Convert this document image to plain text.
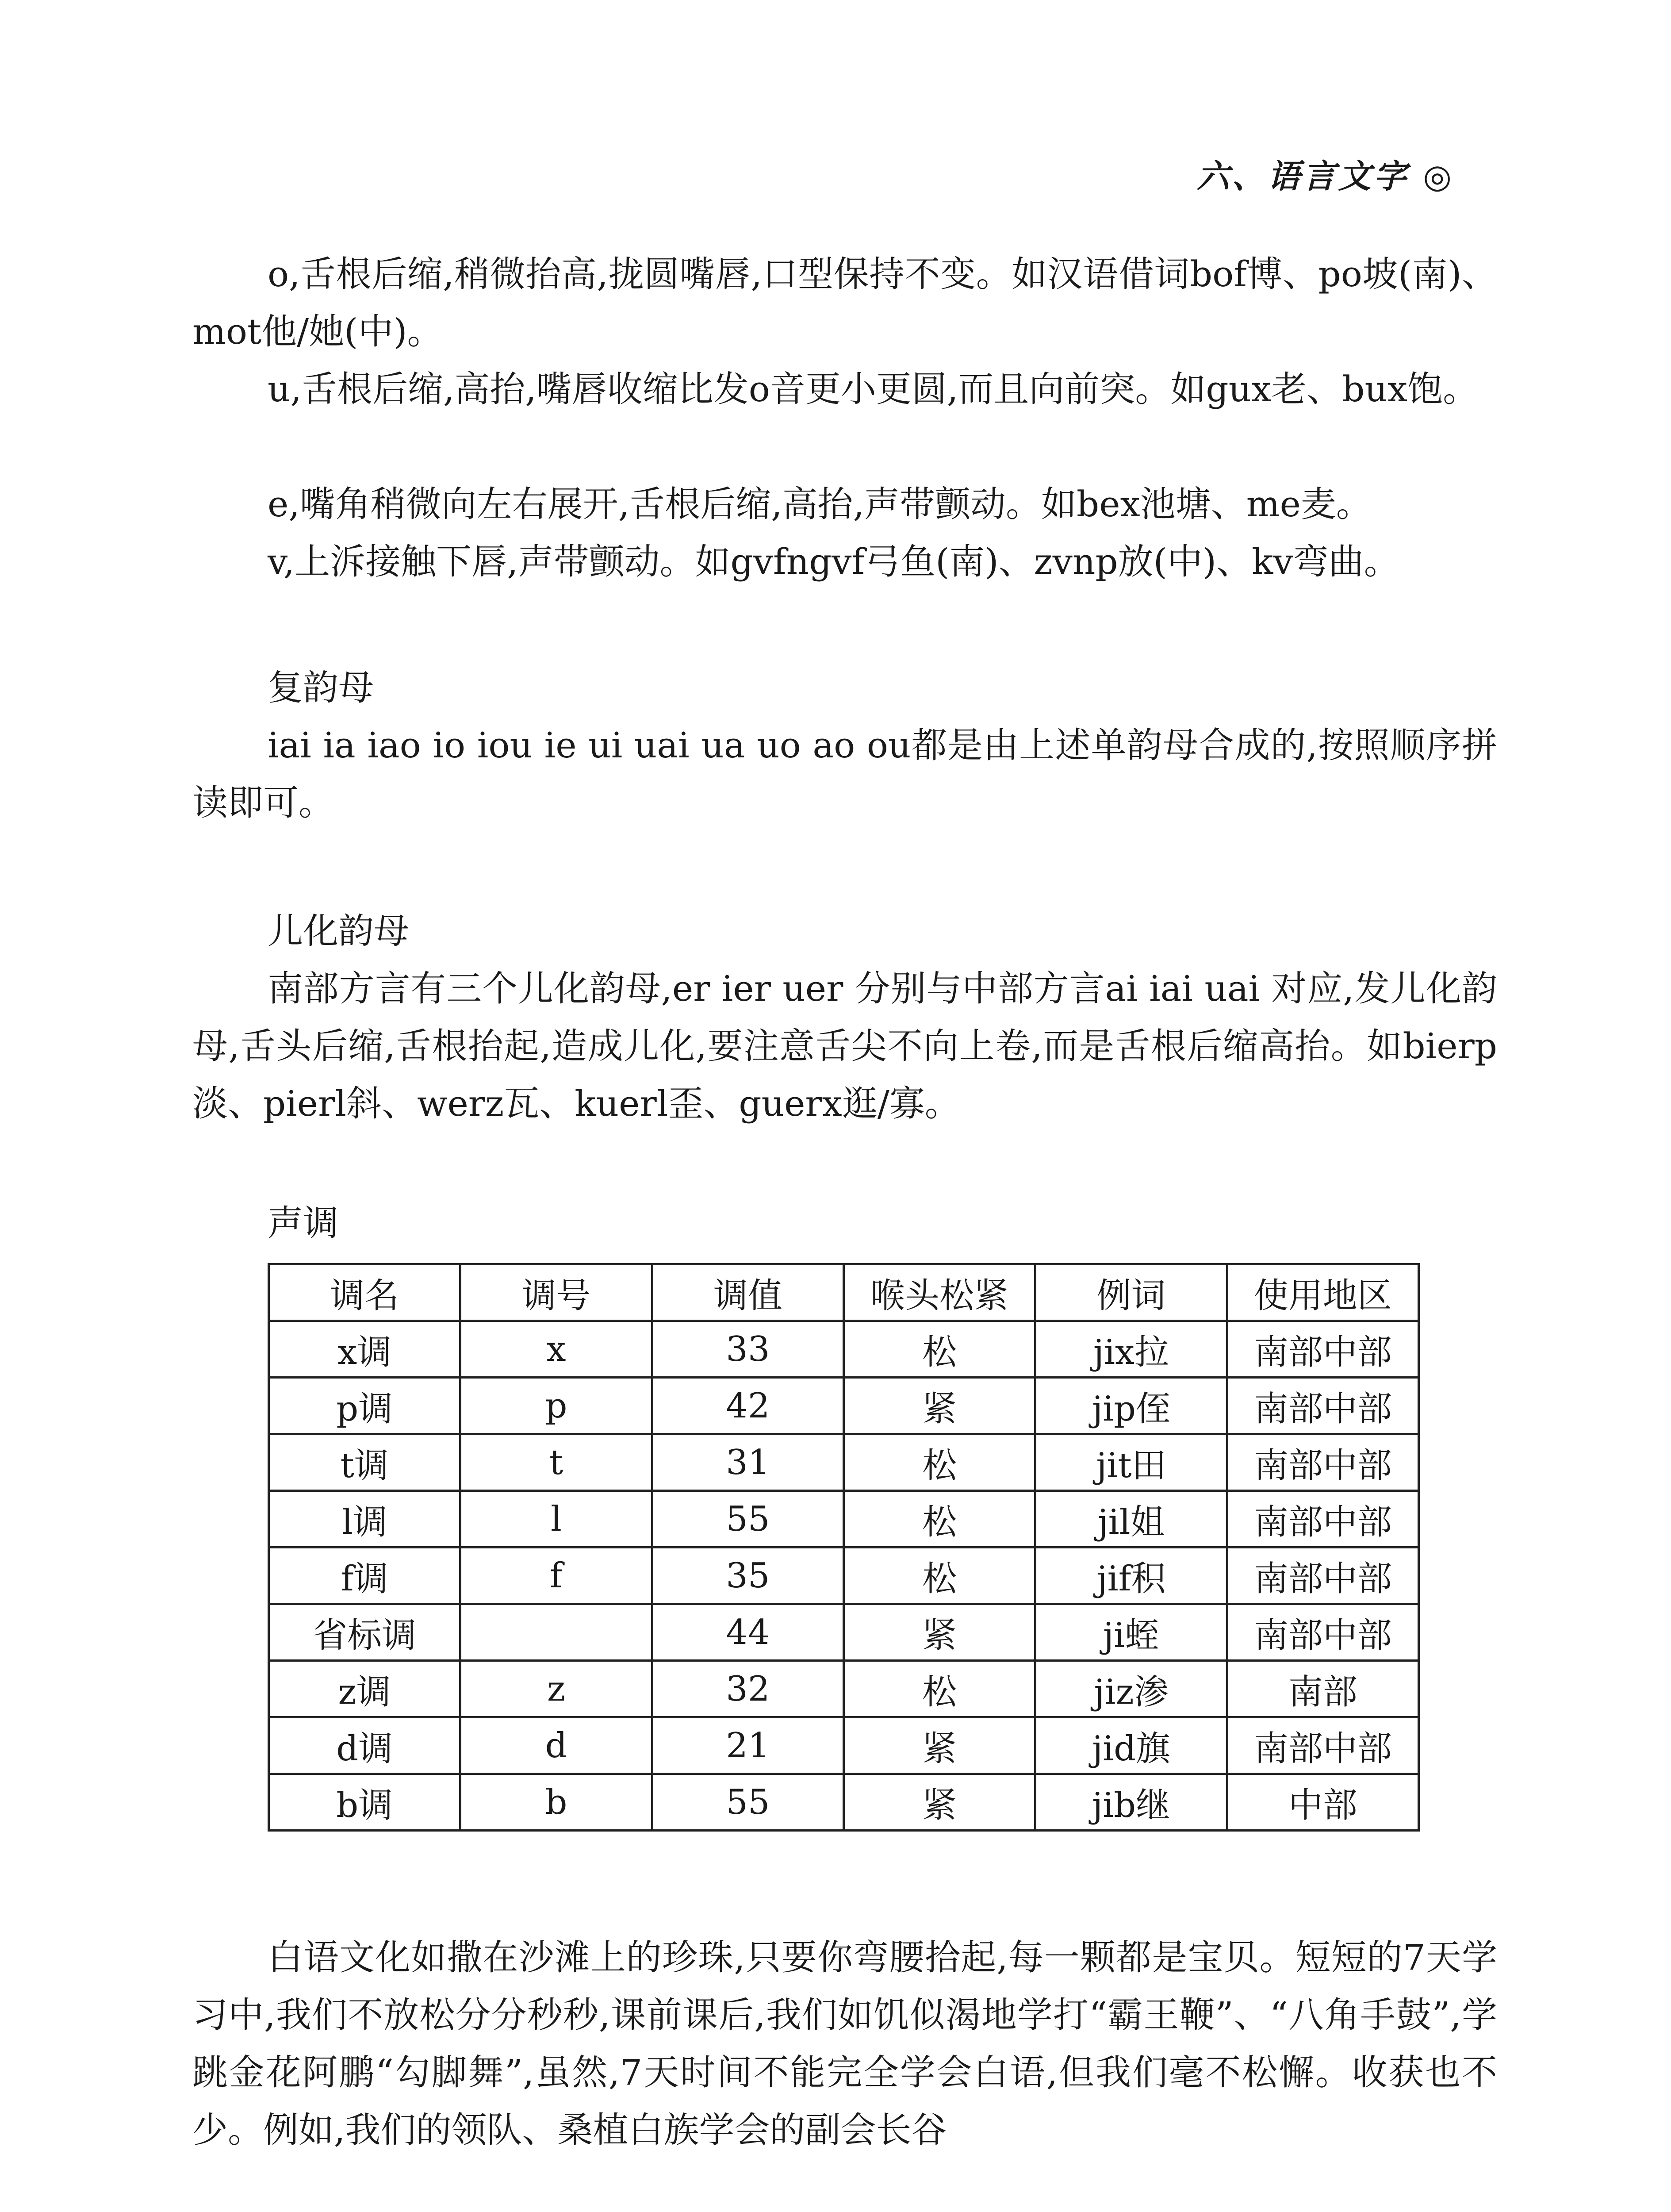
六、语言文字 ◎

o,舌根后缩,稍微抬高,拢圆嘴唇,口型保持不变。如汉语借词bof博、po坡(南)、mot他/她(中)。

u,舌根后缩,高抬,嘴唇收缩比发o音更小更圆,而且向前突。如gux老、bux饱。

e,嘴角稍微向左右展开,舌根后缩,高抬,声带颤动。如bex池塘、me麦。

v,上泝接触下唇,声带颤动。如gvfngvf弓鱼(南)、zvnp放(中)、kv弯曲。

复韵母

iai ia iao io iou ie ui uai ua uo ao ou都是由上述单韵母合成的,按照顺序拼读即可。

儿化韵母

南部方言有三个儿化韵母,er ier uer 分别与中部方言ai iai uai 对应,发儿化韵母,舌头后缩,舌根抬起,造成儿化,要注意舌尖不向上卷,而是舌根后缩高抬。如bierp淡、pierl斜、werz瓦、kuerl歪、guerx逛/寡。

声调

调名	调号	调值	喉头松紧	例词	使用地区
x调	x	33	松	jix拉	南部中部
p调	p	42	紧	jip侄	南部中部
t调	t	31	松	jit田	南部中部
l调	l	55	松	jil姐	南部中部
f调	f	35	松	jif积	南部中部
省标调		44	紧	ji蛭	南部中部
z调	z	32	松	jiz渗	南部
d调	d	21	紧	jid旗	南部中部
b调	b	55	紧	jib继	中部

白语文化如撒在沙滩上的珍珠,只要你弯腰拾起,每一颗都是宝贝。短短的7天学习中,我们不放松分分秒秒,课前课后,我们如饥似渴地学打“霸王鞭”、“八角手鼓”,学跳金花阿鹏“勾脚舞”,虽然,7天时间不能完全学会白语,但我们毫不松懈。收获也不少。例如,我们的领队、桑植白族学会的副会长谷
